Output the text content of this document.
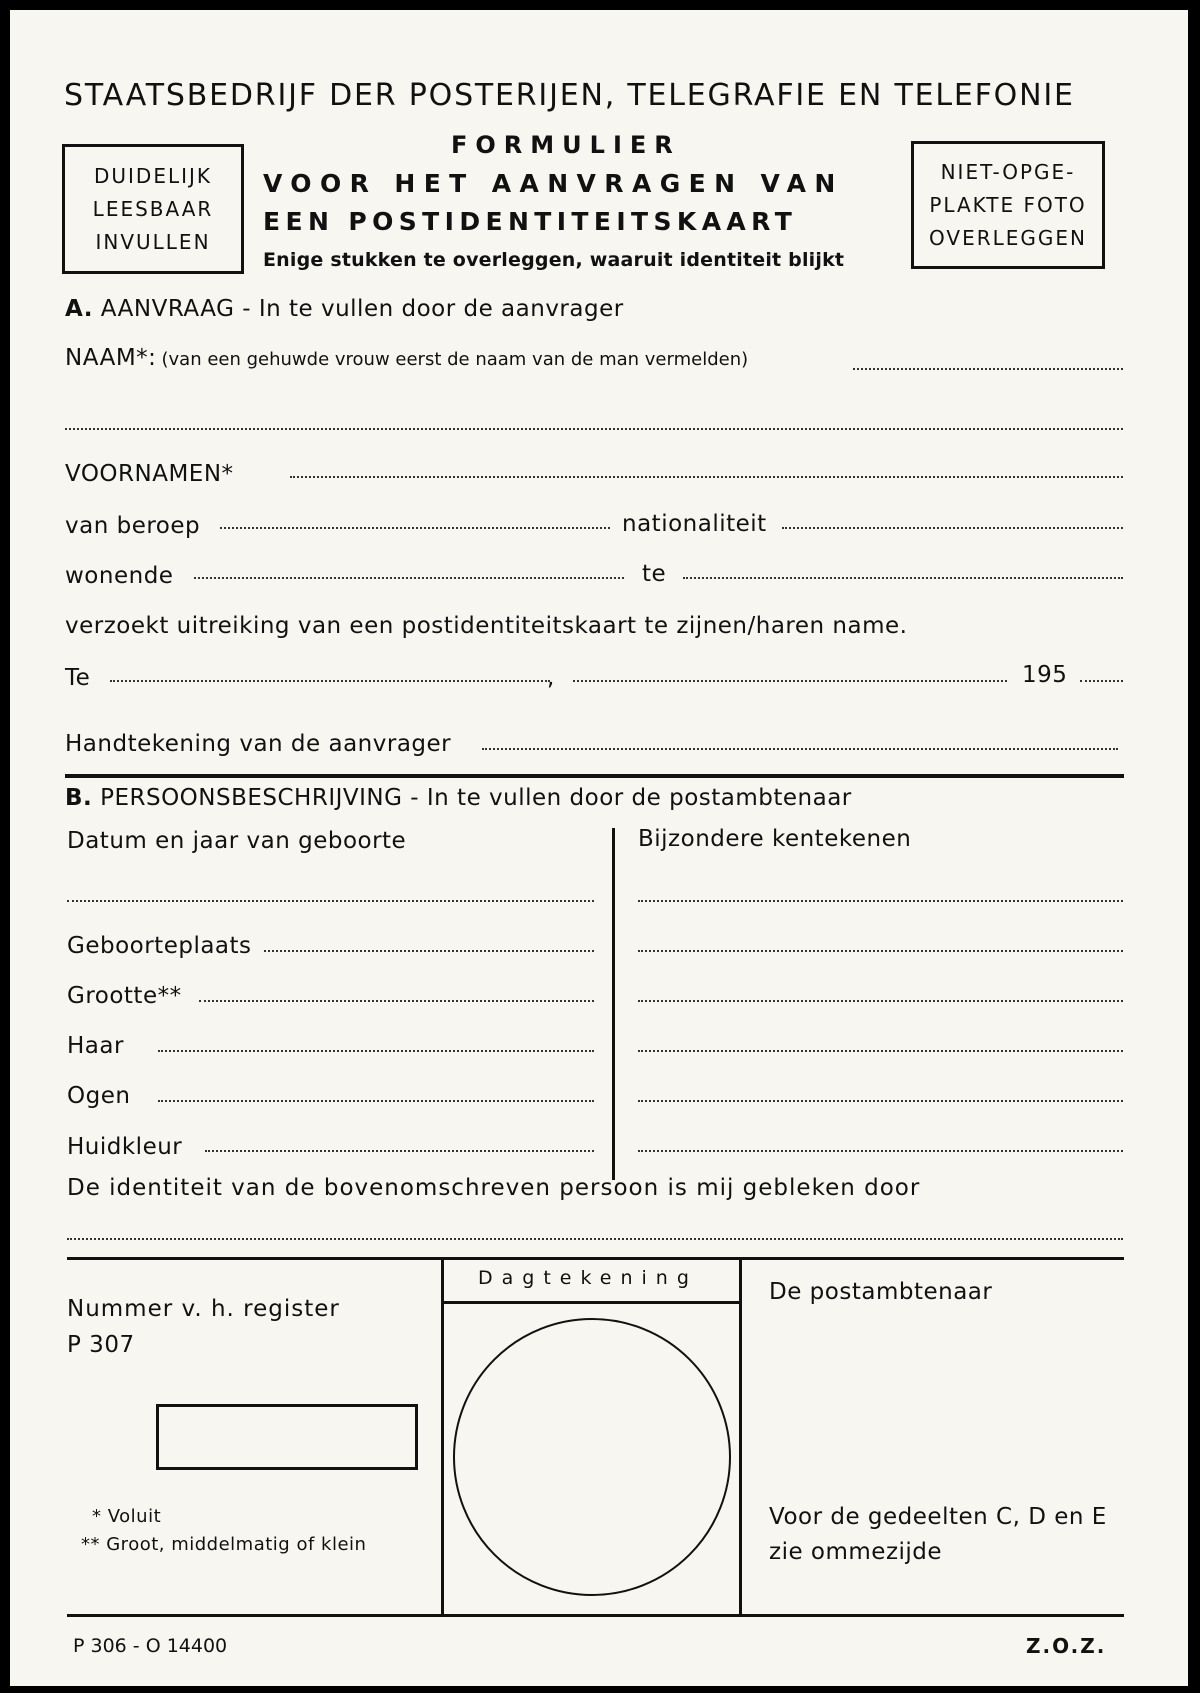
STAATSBEDRIJF DER POSTERIJEN, TELEGRAFIE EN TELEFONIE
DUIDELIJK
LEESBAAR
INVULLEN
NIET-OPGE-
PLAKTE FOTO
OVERLEGGEN
FORMULIER
VOOR HET AANVRAGEN VAN
EEN POSTIDENTITEITSKAART
Enige stukken te overleggen, waaruit identiteit blijkt
A. AANVRAAG - In te vullen door de aanvrager
NAAM*: (van een gehuwde vrouw eerst de naam van de man vermelden)
VOORNAMEN*
van beroep	nationaliteit
wonende	te
verzoekt uitreiking van een postidentiteitskaart te zijnen/haren name.
Te	,	195
Handtekening van de aanvrager
B. PERSOONSBESCHRIJVING - In te vullen door de postambtenaar
Datum en jaar van geboorte
Geboorteplaats
Grootte**
Haar
Ogen
Huidkleur
Bijzondere kentekenen
De identiteit van de bovenomschreven persoon is mij gebleken door
Nummer v. h. register
P 307
* Voluit
** Groot, middelmatig of klein
Dagtekening
De postambtenaar
Voor de gedeelten C, D en E
zie ommezijde
P 306 - O 14400	Z.O.Z.
